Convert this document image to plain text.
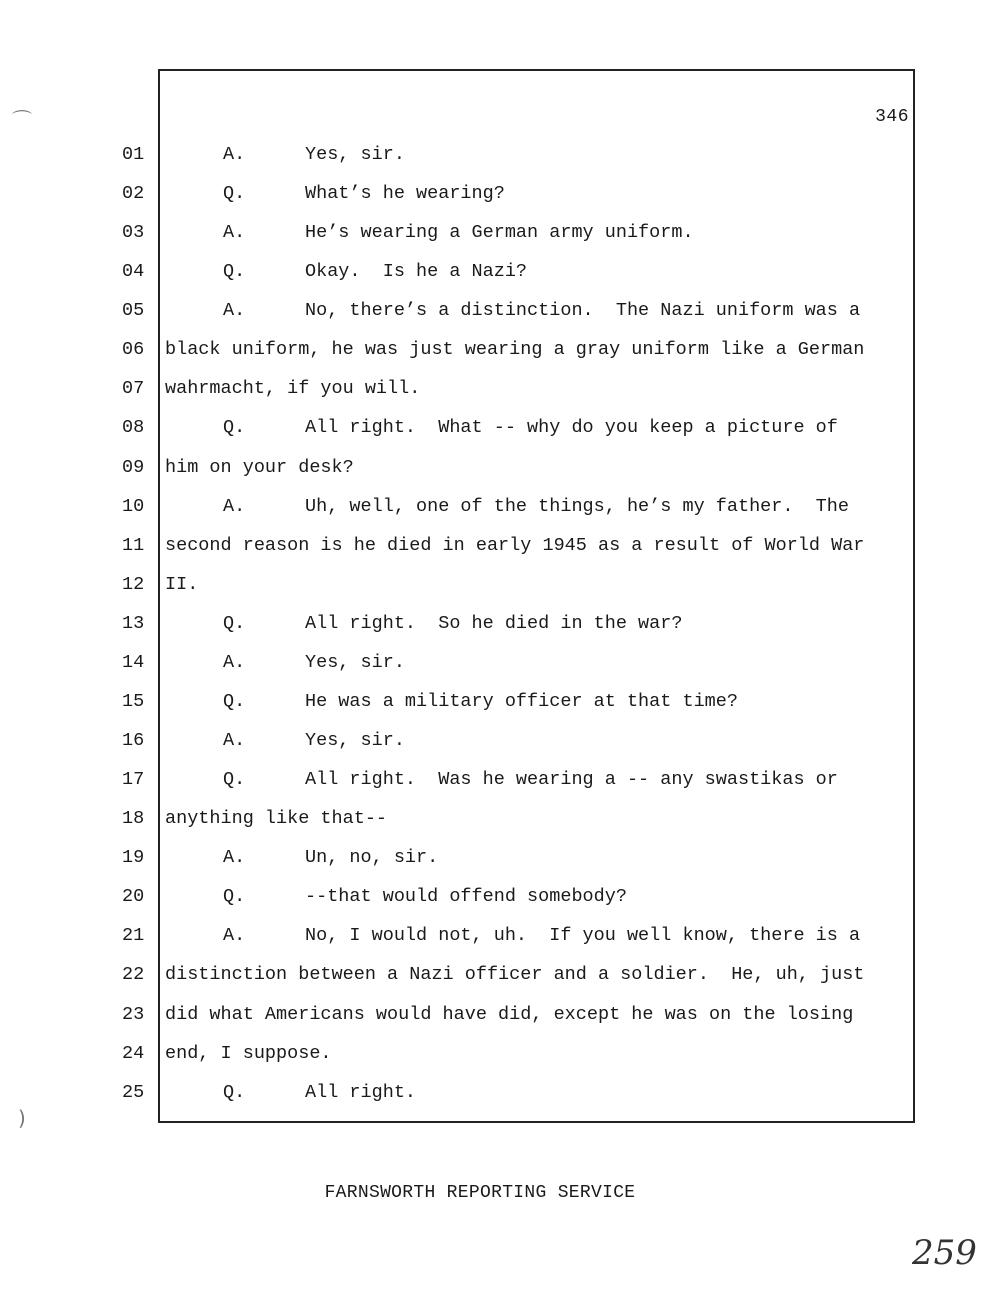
346
01	A.	Yes, sir.
02	Q.	What’s he wearing?
03	A.	He’s wearing a German army uniform.
04	Q.	Okay.  Is he a Nazi?
05	A.	No, there’s a distinction.  The Nazi uniform was a
06	black uniform, he was just wearing a gray uniform like a German
07	wahrmacht, if you will.
08	Q.	All right.  What -- why do you keep a picture of
09	him on your desk?
10	A.	Uh, well, one of the things, he’s my father.  The
11	second reason is he died in early 1945 as a result of World War
12	II.
13	Q.	All right.  So he died in the war?
14	A.	Yes, sir.
15	Q.	He was a military officer at that time?
16	A.	Yes, sir.
17	Q.	All right.  Was he wearing a -- any swastikas or
18	anything like that--
19	A.	Un, no, sir.
20	Q.	--that would offend somebody?
21	A.	No, I would not, uh.  If you well know, there is a
22	distinction between a Nazi officer and a soldier.  He, uh, just
23	did what Americans would have did, except he was on the losing
24	end, I suppose.
25	Q.	All right.
FARNSWORTH REPORTING SERVICE
259
⌒
)
